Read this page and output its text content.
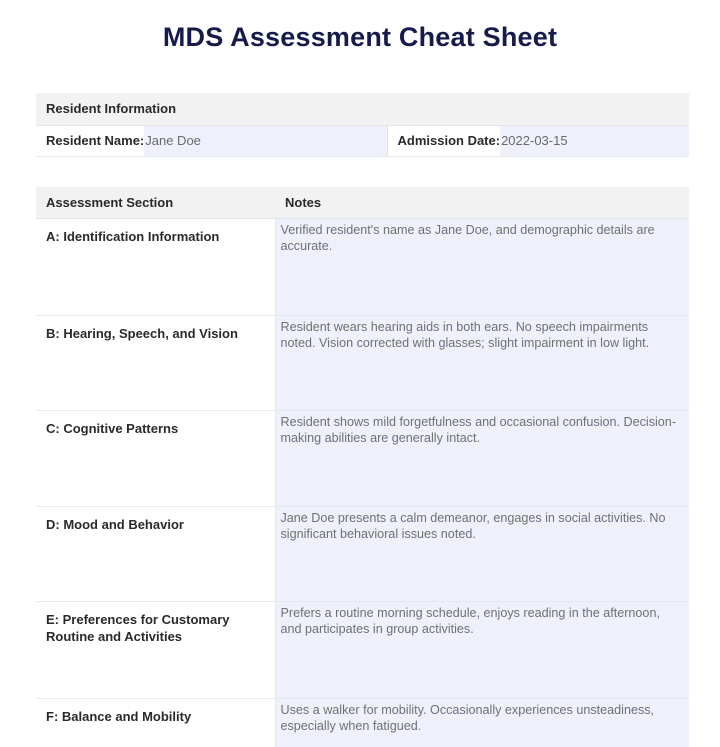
MDS Assessment Cheat Sheet
Resident Information

Resident Name: Jane Doe	Admission Date: 2022-03-15
Assessment Section	Notes
A: Identification Information	Verified resident's name as Jane Doe, and demographic details are accurate.
B: Hearing, Speech, and Vision	Resident wears hearing aids in both ears. No speech impairments noted. Vision corrected with glasses; slight impairment in low light.
C: Cognitive Patterns	Resident shows mild forgetfulness and occasional confusion. Decision-making abilities are generally intact.
D: Mood and Behavior	Jane Doe presents a calm demeanor, engages in social activities. No significant behavioral issues noted.
E: Preferences for Customary Routine and Activities	Prefers a routine morning schedule, enjoys reading in the afternoon, and participates in group activities.
F: Balance and Mobility	Uses a walker for mobility. Occasionally experiences unsteadiness, especially when fatigued.
